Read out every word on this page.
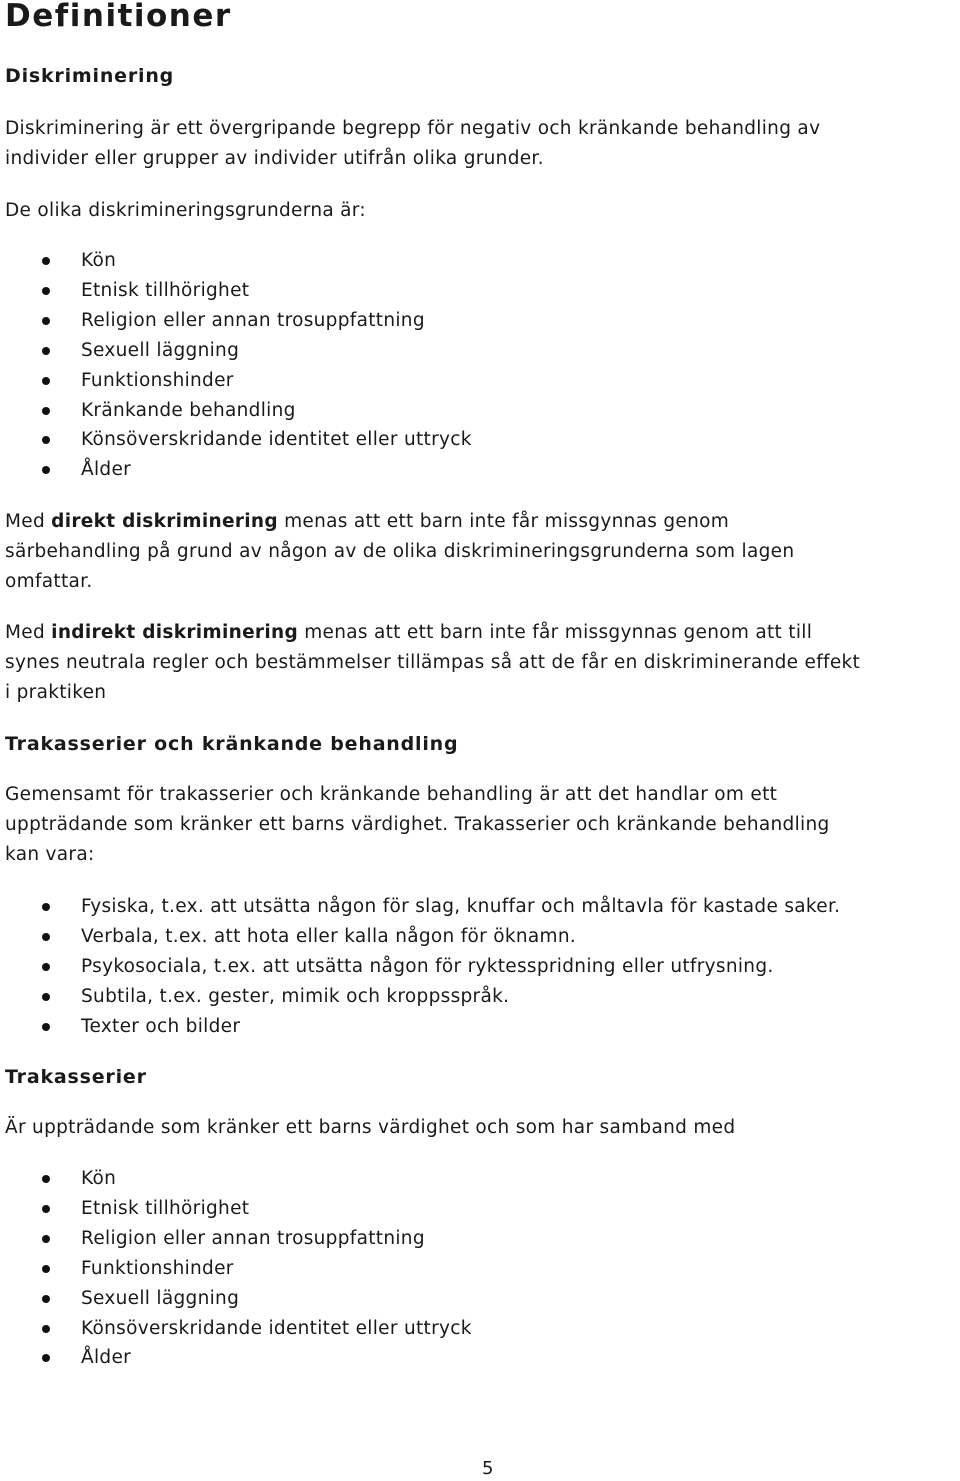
Definitioner
Diskriminering

Diskriminering är ett övergripande begrepp för negativ och kränkande behandling av
individer eller grupper av individer utifrån olika grunder.

De olika diskrimineringsgrunderna är:

Kön
Etnisk tillhörighet
Religion eller annan trosuppfattning
Sexuell läggning
Funktionshinder
Kränkande behandling
Könsöverskridande identitet eller uttryck
Ålder

Med direkt diskriminering menas att ett barn inte får missgynnas genom
särbehandling på grund av någon av de olika diskrimineringsgrunderna som lagen
omfattar.

Med indirekt diskriminering menas att ett barn inte får missgynnas genom att till
synes neutrala regler och bestämmelser tillämpas så att de får en diskriminerande effekt
i praktiken

Trakasserier och kränkande behandling

Gemensamt för trakasserier och kränkande behandling är att det handlar om ett
uppträdande som kränker ett barns värdighet. Trakasserier och kränkande behandling
kan vara:

Fysiska, t.ex. att utsätta någon för slag, knuffar och måltavla för kastade saker.
Verbala, t.ex. att hota eller kalla någon för öknamn.
Psykosociala, t.ex. att utsätta någon för ryktesspridning eller utfrysning.
Subtila, t.ex. gester, mimik och kroppsspråk.
Texter och bilder
Trakasserier

Är uppträdande som kränker ett barns värdighet och som har samband med

Kön
Etnisk tillhörighet
Religion eller annan trosuppfattning
Funktionshinder
Sexuell läggning
Könsöverskridande identitet eller uttryck
Ålder
5
